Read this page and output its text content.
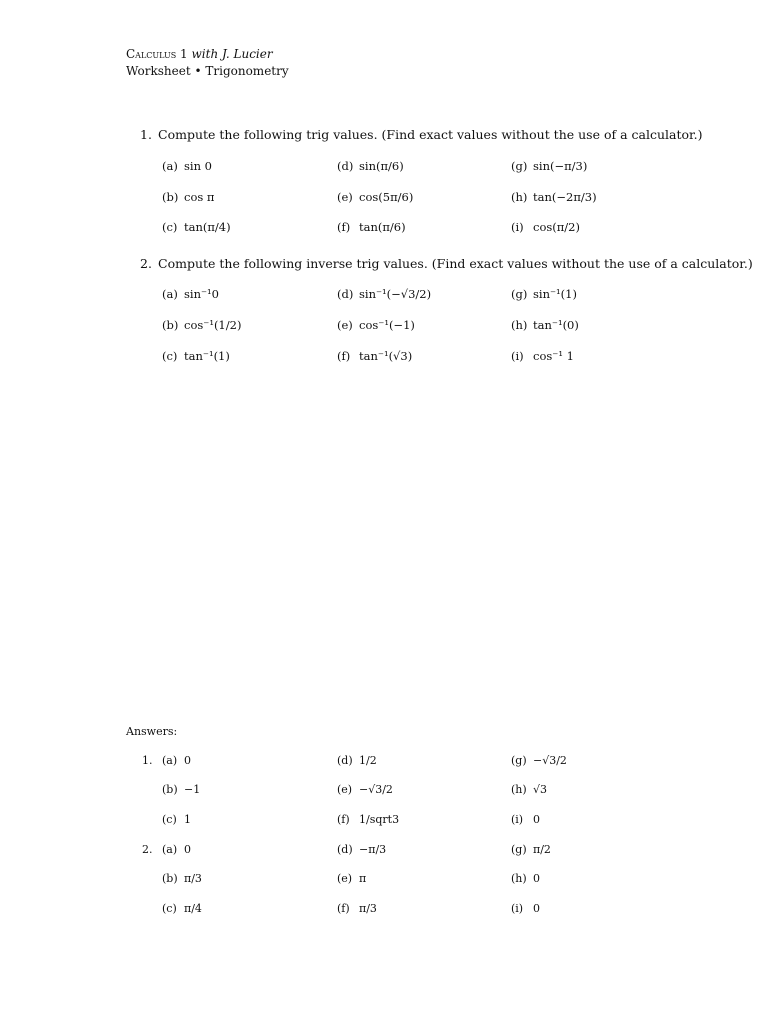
Calculus 1 with J. Lucier
Worksheet • Trigonometry
1. Compute the following trig values. (Find exact values without the use of a calculator.)
(a) sin 0
(b) cos π
(c) tan(π/4)
(d) sin(π/6)
(e) cos(5π/6)
(f) tan(π/6)
(g) sin(−π/3)
(h) tan(−2π/3)
(i) cos(π/2)
2. Compute the following inverse trig values. (Find exact values without the use of a calculator.)
(a) sin⁻¹0
(b) cos⁻¹(1/2)
(c) tan⁻¹(1)
(d) sin⁻¹(−√3/2)
(e) cos⁻¹(−1)
(f) tan⁻¹(√3)
(g) sin⁻¹(1)
(h) tan⁻¹(0)
(i) cos⁻¹ 1
Answers:
1. (a) 0
(b) −1
(c) 1
(d) 1/2
(e) −√3/2
(f) 1/sqrt3
(g) −√3/2
(h) √3
(i) 0
2. (a) 0
(b) π/3
(c) π/4
(d) −π/3
(e) π
(f) π/3
(g) π/2
(h) 0
(i) 0
